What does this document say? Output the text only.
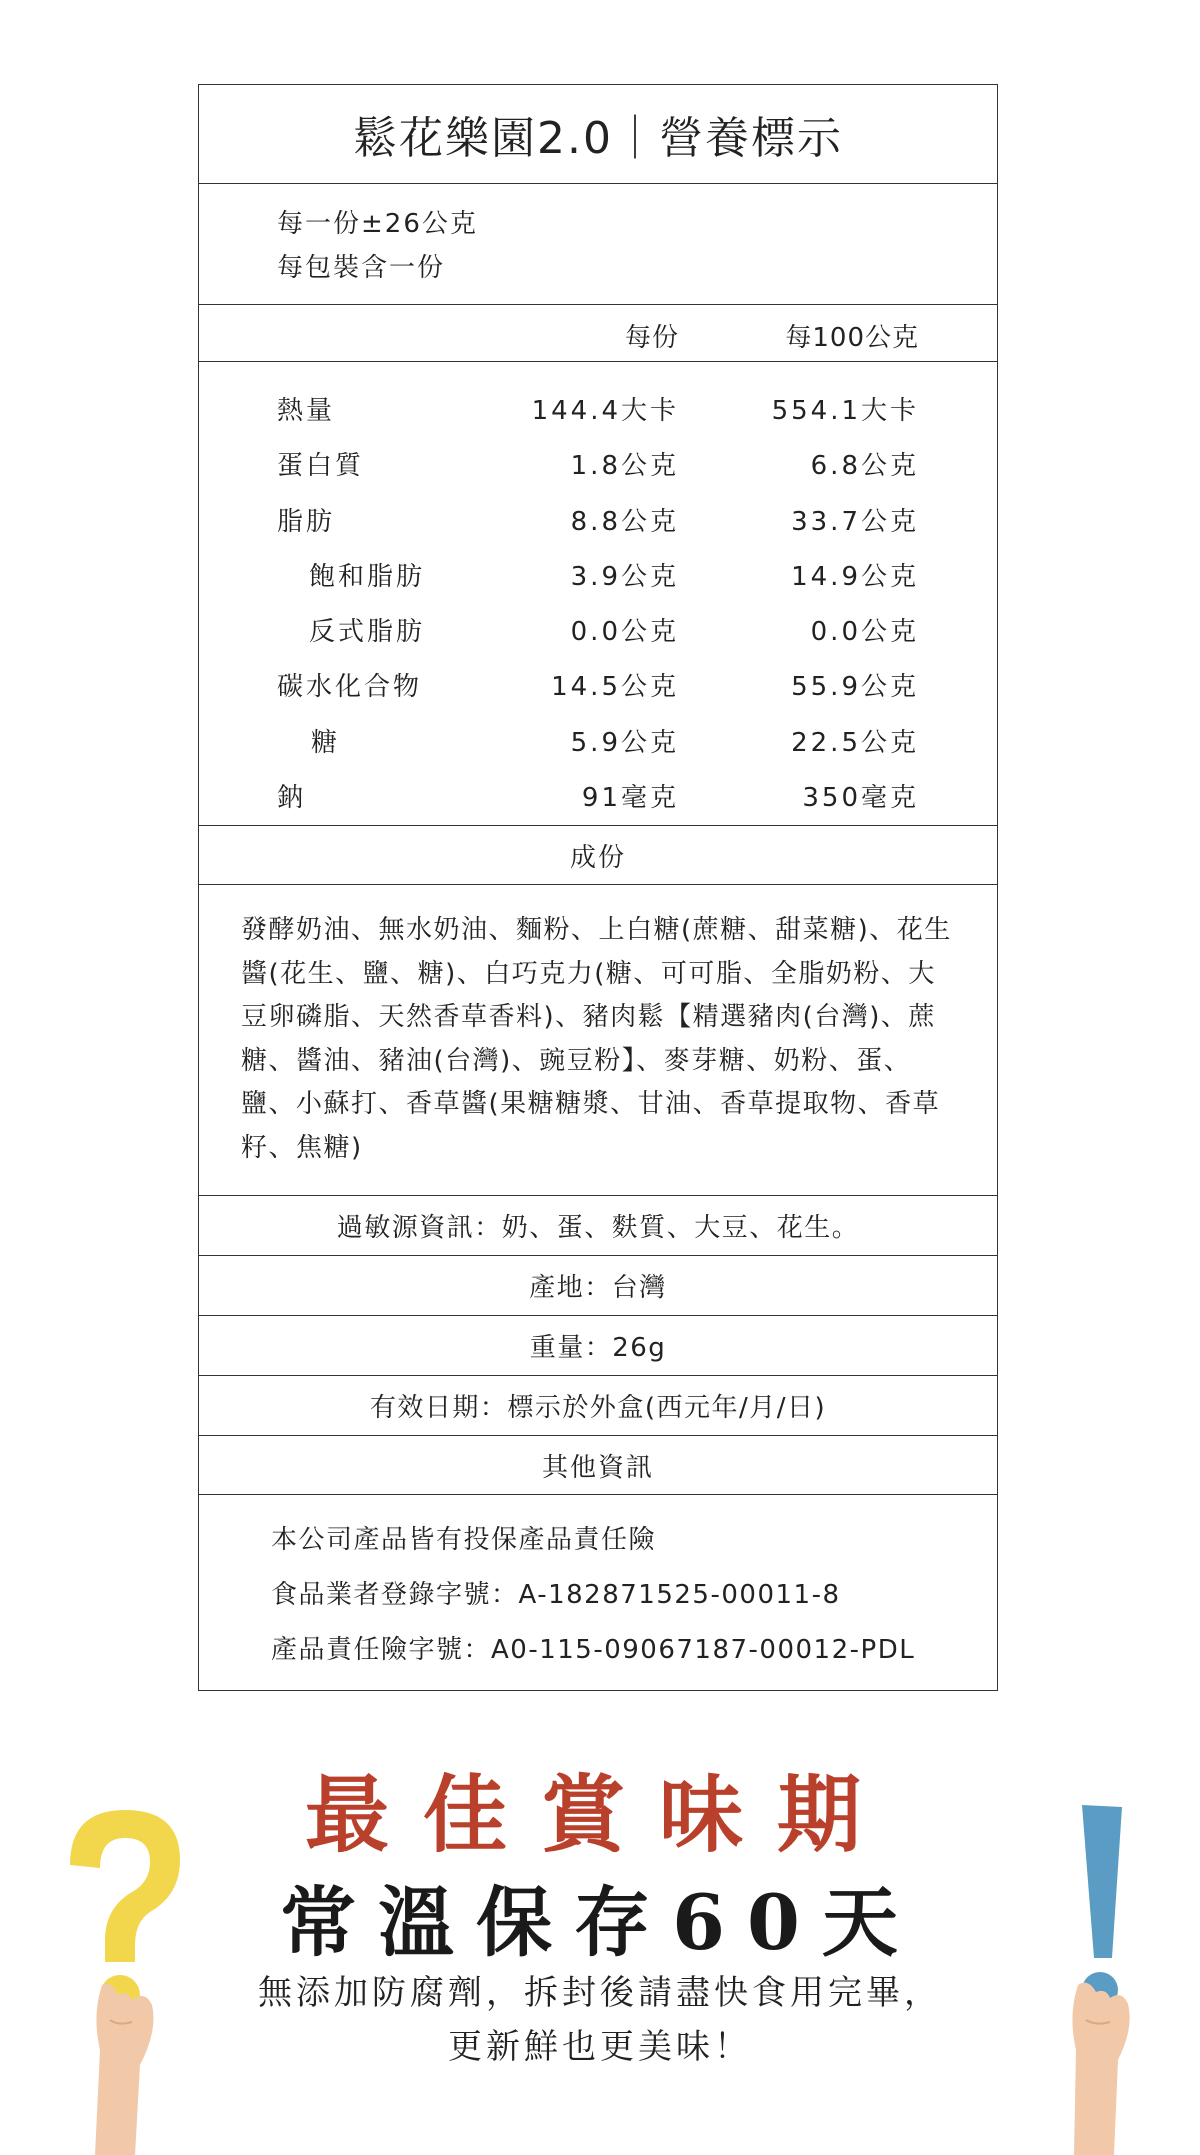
鬆花樂園2.0｜營養標示
每一份±26公克
每包裝含一份
每份	每100公克
熱量	144.4大卡	554.1大卡
蛋白質	1.8公克	6.8公克
脂肪	8.8公克	33.7公克
飽和脂肪	3.9公克	14.9公克
反式脂肪	0.0公克	0.0公克
碳水化合物	14.5公克	55.9公克
糖	5.9公克	22.5公克
鈉	91毫克	350毫克
成份
發酵奶油、無水奶油、麵粉、上白糖(蔗糖、甜菜糖)、花生醬(花生、鹽、糖)、白巧克力(糖、可可脂、全脂奶粉、大豆卵磷脂、天然香草香料)、豬肉鬆【精選豬肉(台灣)、蔗糖、醬油、豬油(台灣)、豌豆粉】、麥芽糖、奶粉、蛋、鹽、小蘇打、香草醬(果糖糖漿、甘油、香草提取物、香草籽、焦糖)
過敏源資訊：奶、蛋、麩質、大豆、花生。
產地：台灣
重量：26g
有效日期：標示於外盒(西元年/月/日)
其他資訊
本公司產品皆有投保產品責任險
食品業者登錄字號：A-182871525-00011-8
產品責任險字號：A0-115-09067187-00012-PDL
最佳賞味期
常溫保存60天
無添加防腐劑，拆封後請盡快食用完畢，
更新鮮也更美味！
